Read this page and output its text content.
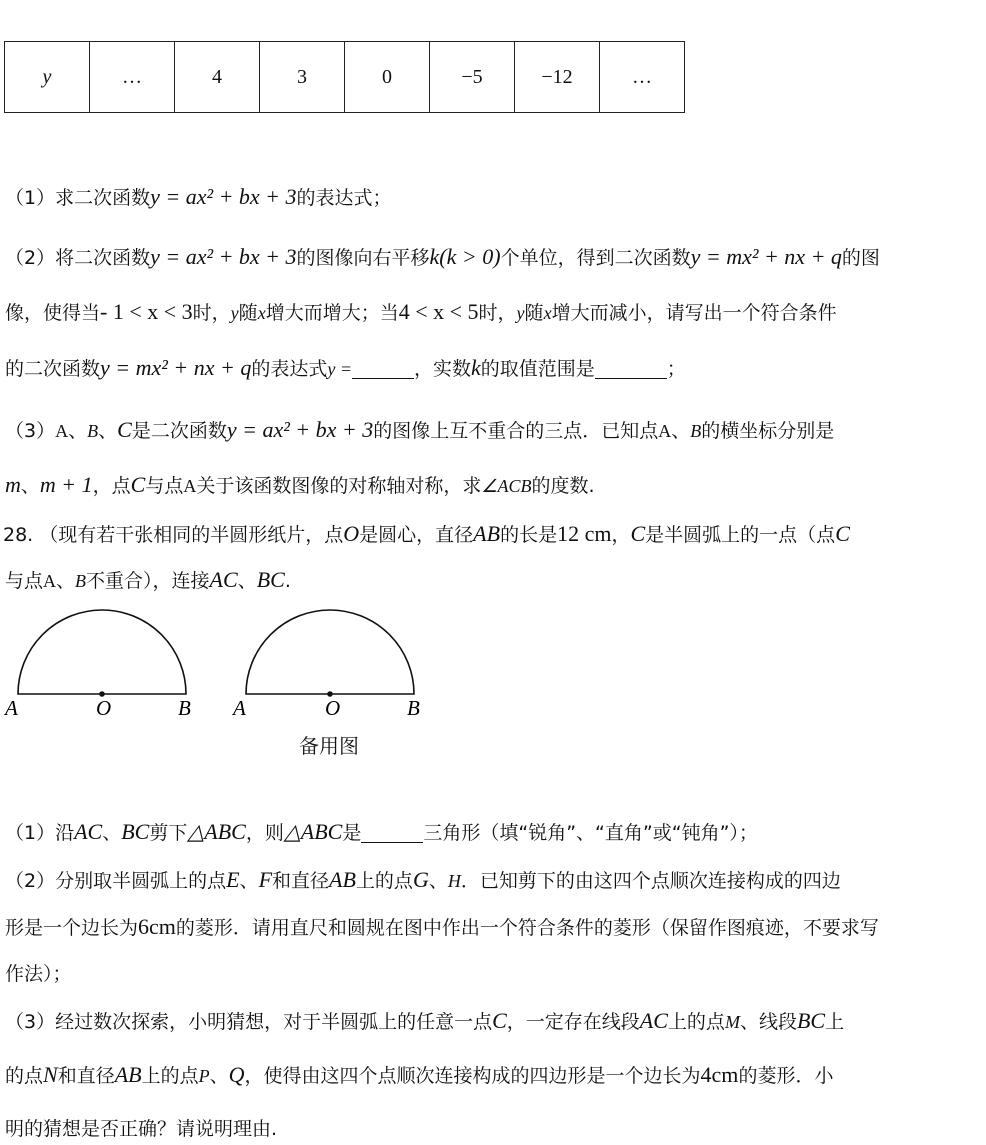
y	…	4	3	0	−5	−12	…
（1）求二次函数y = ax² + bx + 3的表达式；
（2）将二次函数y = ax² + bx + 3的图像向右平移k(k > 0)个单位，得到二次函数y = mx² + nx + q的图
像，使得当- 1 < x < 3时，y随x增大而增大；当4 < x < 5时，y随x增大而减小，请写出一个符合条件
的二次函数y = mx² + nx + q的表达式y =	，实数k的取值范围是	；
（3）A、B、C是二次函数y = ax² + bx + 3的图像上互不重合的三点．已知点A、B的横坐标分别是
m、m + 1，点C与点A关于该函数图像的对称轴对称，求∠ACB的度数.
28. （现有若干张相同的半圆形纸片，点O是圆心，直径AB的长是12 cm，C是半圆弧上的一点（点C
与点A、B不重合），连接AC、BC.
A	O	B A	O	B
备用图
（1）沿AC、BC剪下△ABC，则△ABC是	三角形（填“锐角”、“直角”或“钝角”）；
（2）分别取半圆弧上的点E、F和直径AB上的点G、H．已知剪下的由这四个点顺次连接构成的四边
形是一个边长为6cm的菱形．请用直尺和圆规在图中作出一个符合条件的菱形（保留作图痕迹，不要求写
作法）；
（3）经过数次探索，小明猜想，对于半圆弧上的任意一点C，一定存在线段AC上的点M、线段BC上
的点N和直径AB上的点P、Q，使得由这四个点顺次连接构成的四边形是一个边长为4cm的菱形．小
明的猜想是否正确？请说明理由.
